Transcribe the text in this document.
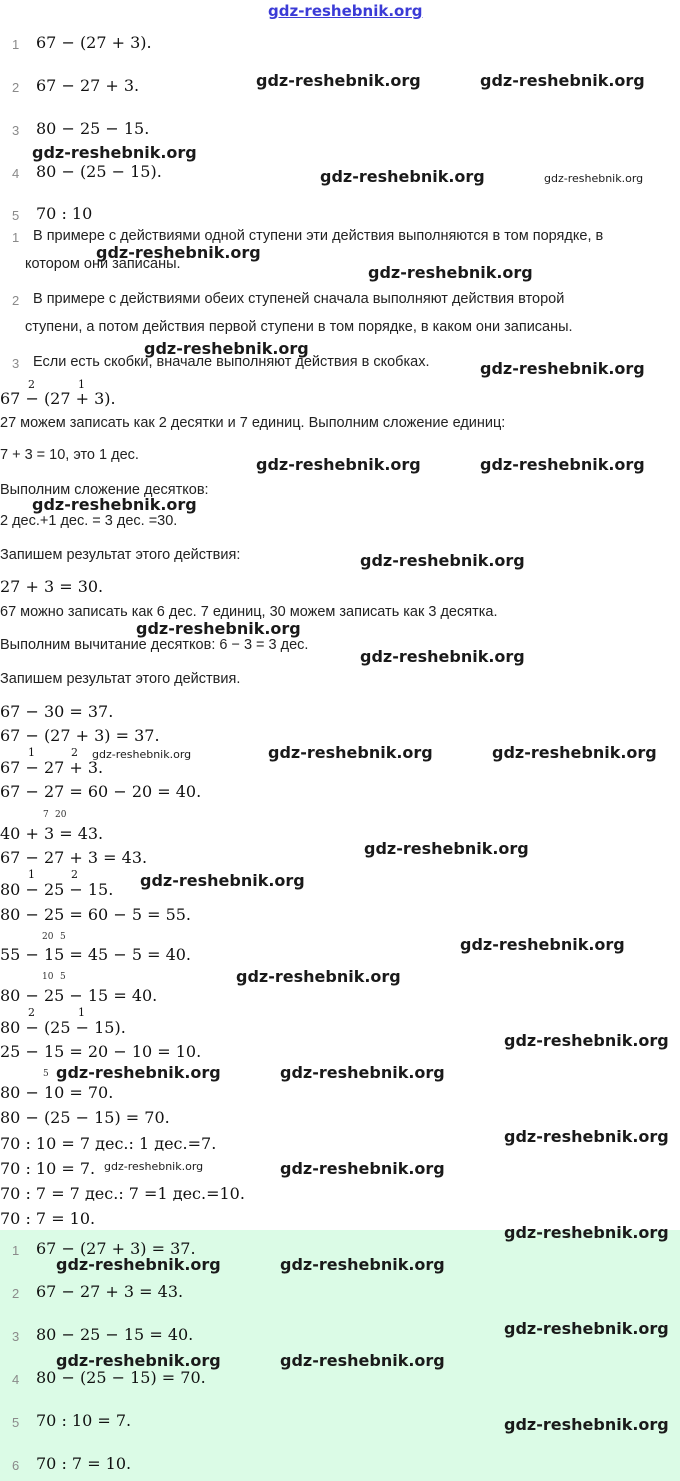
gdz-reshebnik.org
1 67 − (27 + 3).
2 67 − 27 + 3.
3 80 − 25 − 15.
4 80 − (25 − 15).
5 70 : 10
1 В примере с действиями одной ступени эти действия выполняются в том порядке, в
котором они записаны.
2 В примере с действиями обеих ступеней сначала выполняют действия второй
ступени, а потом действия первой ступени в том порядке, в каком они записаны.
3 Если есть скобки, вначале выполняют действия в скобках.
2	1
67 − (27 + 3).
27 можем записать как 2 десятки и 7 единиц. Выполним сложение единиц:
7 + 3 = 10, это 1 дес.
Выполним сложение десятков:
2 дес.+1 дес. = 3 дес. =30.
Запишем результат этого действия:
27 + 3 = 30.
67 можно записать как 6 дес. 7 единиц, 30 можем записать как 3 десятка.
Выполним вычитание десятков: 6 − 3 = 3 дес.
Запишем результат этого действия.
67 − 30 = 37.
67 − (27 + 3) = 37.
1	2
67 − 27 + 3.
67 − 27 = 60 − 20 = 40.
7 20
40 + 3 = 43.
67 − 27 + 3 = 43.
1	2
80 − 25 − 15.
80 − 25 = 60 − 5 = 55.
20 5
55 − 15 = 45 − 5 = 40.
10 5
80 − 25 − 15 = 40.
2	1
80 − (25 − 15).
25 − 15 = 20 − 10 = 10.
5
80 − 10 = 70.
80 − (25 − 15) = 70.
70 : 10 = 7 дес.: 1 дес.=7.
70 : 10 = 7.
70 : 7 = 7 дес.: 7 =1 дес.=10.
70 : 7 = 10.
1 67 − (27 + 3) = 37.
2 67 − 27 + 3 = 43.
3 80 − 25 − 15 = 40.
4 80 − (25 − 15) = 70.
5 70 : 10 = 7.
6 70 : 7 = 10.
gdz-reshebnik.org	gdz-reshebnik.org
gdz-reshebnik.org
gdz-reshebnik.org	gdz-reshebnik.org
gdz-reshebnik.org
gdz-reshebnik.org
gdz-reshebnik.org
gdz-reshebnik.org
gdz-reshebnik.org	gdz-reshebnik.org
gdz-reshebnik.org
gdz-reshebnik.org
gdz-reshebnik.org
gdz-reshebnik.org
gdz-reshebnik.org	gdz-reshebnik.org	gdz-reshebnik.org
gdz-reshebnik.org
gdz-reshebnik.org
gdz-reshebnik.org
gdz-reshebnik.org
gdz-reshebnik.org
gdz-reshebnik.org	gdz-reshebnik.org
gdz-reshebnik.org
gdz-reshebnik.org	gdz-reshebnik.org
gdz-reshebnik.org
gdz-reshebnik.org	gdz-reshebnik.org
gdz-reshebnik.org
gdz-reshebnik.org	gdz-reshebnik.org
gdz-reshebnik.org
